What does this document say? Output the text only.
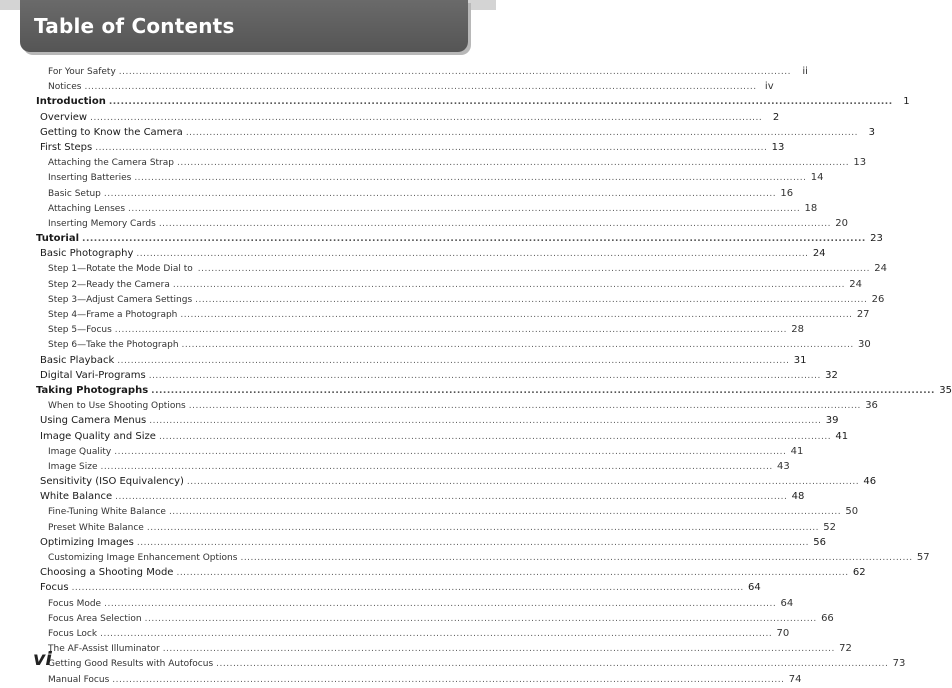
Table of Contents
For Your Safety ........................................................................................................................................................................................................	ii
Notices ........................................................................................................................................................................................................ iv
Introduction ........................................................................................................................................................................................................	1
Overview ........................................................................................................................................................................................................	2
Getting to Know the Camera ........................................................................................................................................................................................................	3
First Steps ........................................................................................................................................................................................................ 13
Attaching the Camera Strap ........................................................................................................................................................................................................ 13
Inserting Batteries ........................................................................................................................................................................................................ 14
Basic Setup ........................................................................................................................................................................................................ 16
Attaching Lenses ........................................................................................................................................................................................................ 18
Inserting Memory Cards ........................................................................................................................................................................................................ 20
Tutorial ........................................................................................................................................................................................................ 23
Basic Photography ........................................................................................................................................................................................................ 24
Step 1—Rotate the Mode Dial to ........................................................................................................................................................................................................ 24
Step 2—Ready the Camera ........................................................................................................................................................................................................ 24
Step 3—Adjust Camera Settings ........................................................................................................................................................................................................ 26
Step 4—Frame a Photograph ........................................................................................................................................................................................................ 27
Step 5—Focus ........................................................................................................................................................................................................ 28
Step 6—Take the Photograph ........................................................................................................................................................................................................ 30
Basic Playback ........................................................................................................................................................................................................ 31
Digital Vari-Programs ........................................................................................................................................................................................................ 32
Taking Photographs ........................................................................................................................................................................................................ 35
When to Use Shooting Options ........................................................................................................................................................................................................ 36
Using Camera Menus ........................................................................................................................................................................................................ 39
Image Quality and Size ........................................................................................................................................................................................................ 41
Image Quality ........................................................................................................................................................................................................ 41
Image Size ........................................................................................................................................................................................................ 43
Sensitivity (ISO Equivalency) ........................................................................................................................................................................................................ 46
White Balance ........................................................................................................................................................................................................ 48
Fine-Tuning White Balance ........................................................................................................................................................................................................ 50
Preset White Balance ........................................................................................................................................................................................................ 52
Optimizing Images ........................................................................................................................................................................................................ 56
Customizing Image Enhancement Options ........................................................................................................................................................................................................ 57
Choosing a Shooting Mode ........................................................................................................................................................................................................ 62
Focus ........................................................................................................................................................................................................ 64
Focus Mode ........................................................................................................................................................................................................ 64
Focus Area Selection ........................................................................................................................................................................................................ 66
Focus Lock ........................................................................................................................................................................................................ 70
The AF-Assist Illuminator ........................................................................................................................................................................................................ 72
Getting Good Results with Autofocus ........................................................................................................................................................................................................ 73
Manual Focus ........................................................................................................................................................................................................ 74
vi
